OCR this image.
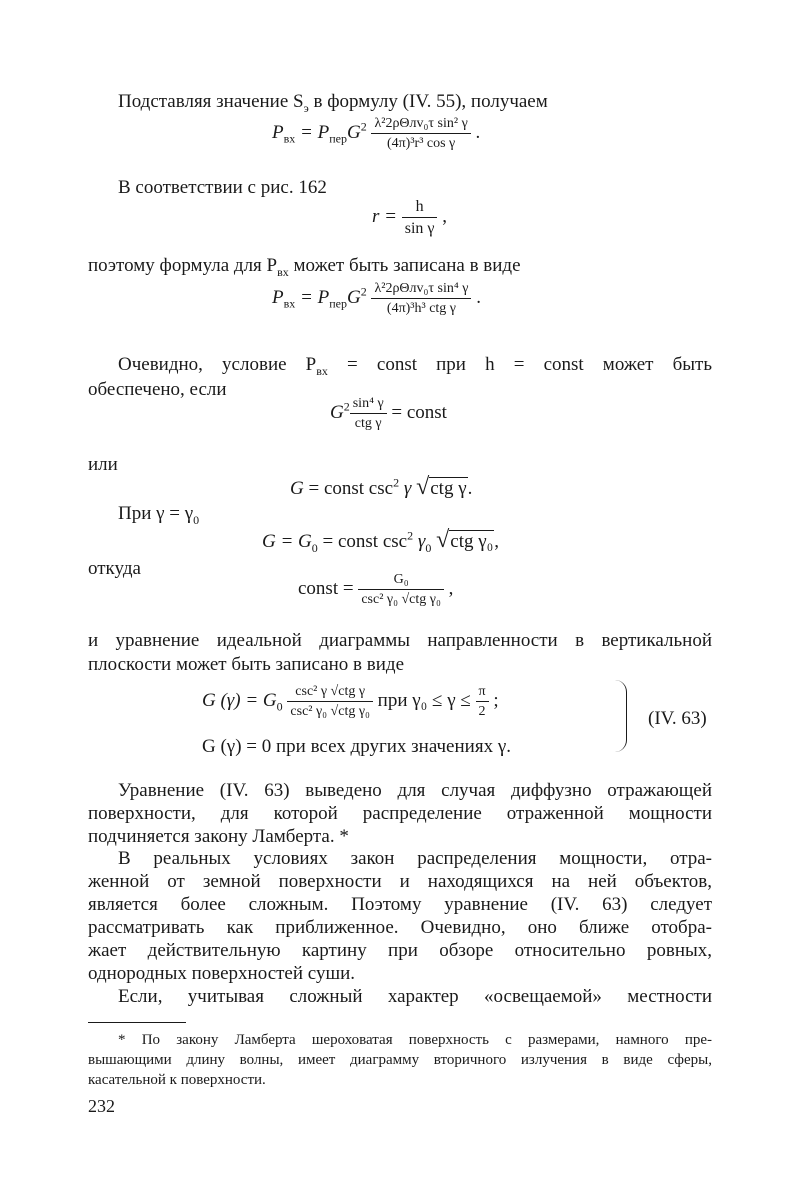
Подставляя значение $S_э$ в формулу (IV. 55), получаем
$P_{вх} = P_{пер}G^2 \frac{\text{λ²2ρΘлv₀τ sin² γ}}{\text{(4π)³r³ cos γ}}$ .
В соответствии с рис. 162
$r = \frac{h}{\text{sin γ}}$ ,
поэтому формула для $P_{вх}$ может быть записана в виде
$P_{вх} = P_{пер}G^2 \frac{\text{λ²2ρΘлv₀τ sin⁴ γ}}{\text{(4π)³h³ ctg γ}}$ .
Очевидно, условие $P_{вх}$ = const при h = const может быть
обеспечено, если
$G^2 \frac{\text{sin⁴ γ}}{\text{ctg γ}}$ = const
или
G = const $\csc^2 \gamma$ √ctg γ.
При $\gamma = \gamma_0$
$G = G_0$ = const $\csc^2 \gamma_0$ √ctg γ₀,
откуда
const = $\frac{\text{G₀}}{\text{csc² γ₀ √ctg γ₀}}$ ,
и уравнение идеальной диаграммы направленности в вертикальной
плоскости может быть записано в виде
G $(\gamma) = G_0 \frac{\text{csc² γ √ctg γ}}{\text{csc² γ₀ √ctg γ₀}}$ при $\gamma_0 \le \gamma \le \frac{\pi}{2}$ ;
G (γ) = 0 при всех других значениях γ.
(IV. 63)
Уравнение (IV. 63) выведено для случая диффузно отражающей
поверхности, для которой распределение отраженной мощности
подчиняется закону Ламберта. *
В реальных условиях закон распределения мощности, отра-
женной от земной поверхности и находящихся на ней объектов,
является более сложным. Поэтому уравнение (IV. 63) следует
рассматривать как приближенное. Очевидно, оно ближе отобра-
жает действительную картину при обзоре относительно ровных,
однородных поверхностей суши.
Если, учитывая сложный характер «освещаемой» местности
* По закону Ламберта шероховатая поверхность с размерами, намного пре-
вышающими длину волны, имеет диаграмму вторичного излучения в виде сферы,
касательной к поверхности.
232
